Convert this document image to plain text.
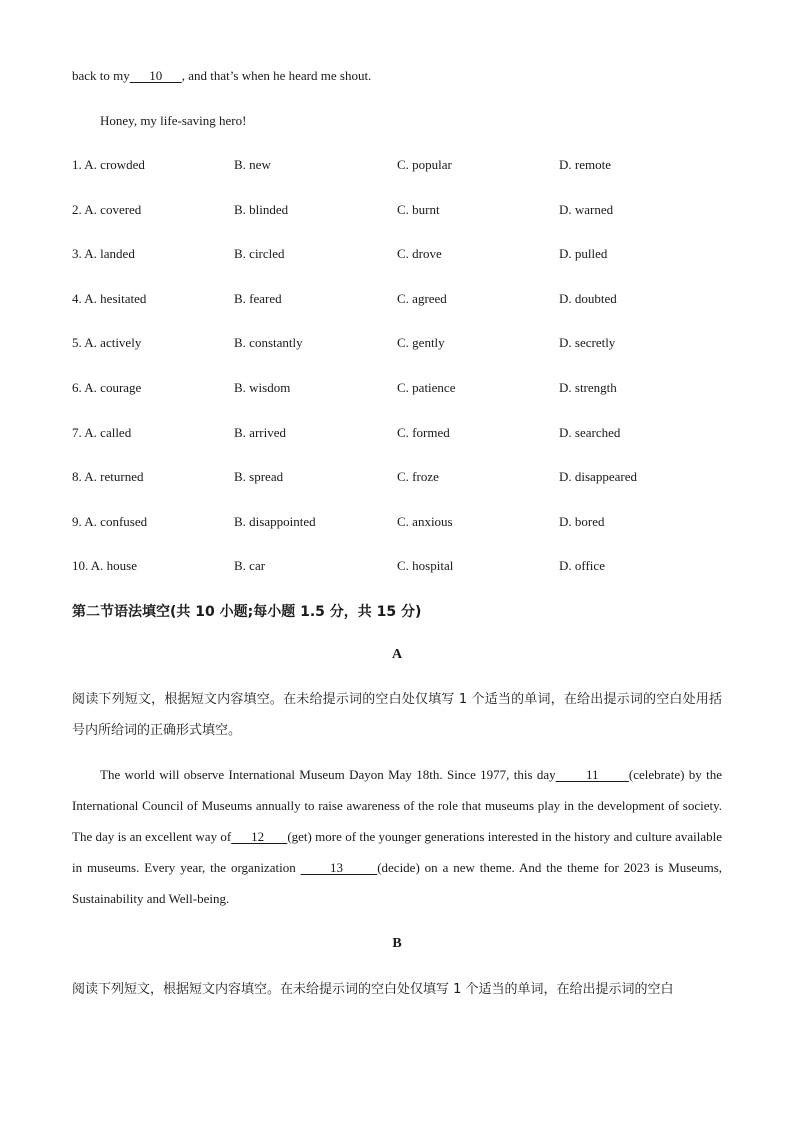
back to my      10      , and that’s when he heard me shout.
Honey, my life-saving hero!
1. A. crowded	B. new	C. popular	D. remote
2. A. covered	B. blinded	C. burnt	D. warned
3. A. landed	B. circled	C. drove	D. pulled
4. A. hesitated	B. feared	C. agreed	D. doubted
5. A. actively	B. constantly	C. gently	D. secretly
6. A. courage	B. wisdom	C. patience	D. strength
7. A. called	B. arrived	C. formed	D. searched
8. A. returned	B. spread	C. froze	D. disappeared
9. A. confused	B. disappointed	C. anxious	D. bored
10. A. house	B. car	C. hospital	D. office
第二节语法填空(共 10 小题;每小题 1.5 分，共 15 分)
A
阅读下列短文，根据短文内容填空。在未给提示词的空白处仅填写 1 个适当的单词，在给出提示词的空白处用括号内所给词的正确形式填空。
The world will observe International Museum Dayon May 18th. Since 1977, this day       11       (celebrate) by the International Council of Museums annually to raise awareness of the role that museums play in the development of society. The day is an excellent way of      12       (get) more of the younger generations interested in the history and culture available in museums. Every year, the organization       13       (decide) on a new theme. And the theme for 2023 is Museums, Sustainability and Well-being.
B
阅读下列短文，根据短文内容填空。在未给提示词的空白处仅填写 1 个适当的单词，在给出提示词的空白
